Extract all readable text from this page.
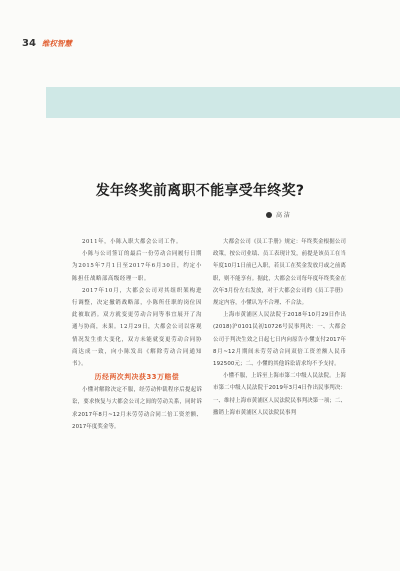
34 维权智慧
发年终奖前离职不能享受年终奖?
高 洁

2011年，小陈入职大都会公司工作。

小陈与公司签订的最后一份劳动合同履行日期为2015年7月1日至2017年6月30日，约定小陈担任战略部高级经理一职。

2017年10月，大都会公司对其组织架构进行调整，决定撤销战略部，小陈所任职的岗位因此被取消。双方就变更劳动合同等事宜展开了沟通与协商，未果。12月29日，大都会公司以客观情况发生重大变化，双方未能就变更劳动合同协商达成一致，向小陈发出《解除劳动合同通知书》。

历经两次判决获33万赔偿

小懂对解除决定不服，经劳动仲裁程序后提起诉讼，要求恢复与大都会公司之间的劳动关系，同时诉求2017年8月~12月未劳劳动合同二倍工资差额、2017年度奖金等。

大都会公司《员工手册》规定：年终奖金根据公司政策，按公司业绩、员工表现计发，前提是该员工在当年度10月1日前已入职，若员工在奖金发放月或之前离职，则不能享有。据此，大都会公司每年度年终奖金在次年3月份左右发放，对于大都会公司的《员工手册》规定内容，小懂认为不合理、不合法。

上海市黄浦区人民法院于2018年10月29日作出(2018)沪0101民初10726号民事判决：一、大都会公司于判决生效之日起七日内向原告小懂支付2017年8月~12月期间未劳劳动合同双倍工资差额人民币192500元；二、小懂的其他诉讼请求均不予支持。

小懂不服，上诉至上海市第二中级人民法院。上海市第二中级人民法院于2019年3月4日作出民事判决：一、维持上海市黄浦区人民法院民事判决第一项；二、撤销上海市黄浦区人民法院民事判
